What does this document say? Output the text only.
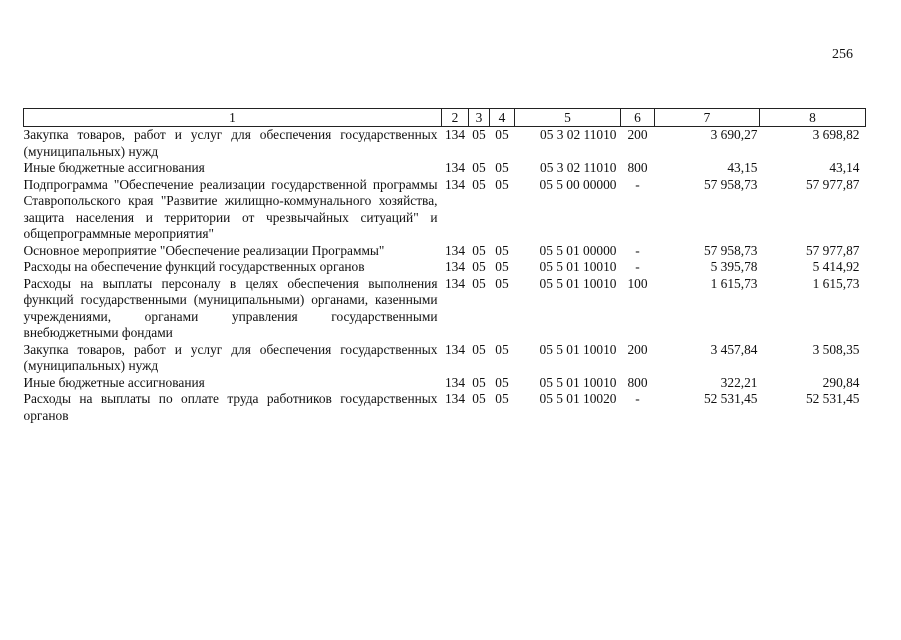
256
1	2	3	4	5	6	7	8
Закупка товаров, работ и услуг для обеспечения государственных (муниципальных) нужд	134	05	05	05 3 02 11010	200	3 690,27	3 698,82
Иные бюджетные ассигнования	134	05	05	05 3 02 11010	800	43,15	43,14
Подпрограмма "Обеспечение реализации государственной программы Ставропольского края "Развитие жилищно-коммунального хозяйства, защита населения и территории от чрезвычайных ситуаций" и общепрограммные мероприятия"	134	05	05	05 5 00 00000	-	57 958,73	57 977,87
Основное мероприятие "Обеспечение реализации Программы"	134	05	05	05 5 01 00000	-	57 958,73	57 977,87
Расходы на обеспечение функций государственных органов	134	05	05	05 5 01 10010	-	5 395,78	5 414,92
Расходы на выплаты персоналу в целях обеспечения выполнения функций государственными (муниципальными) органами, казенными учреждениями, органами управления государственными внебюджетными фондами	134	05	05	05 5 01 10010	100	1 615,73	1 615,73
Закупка товаров, работ и услуг для обеспечения государственных (муниципальных) нужд	134	05	05	05 5 01 10010	200	3 457,84	3 508,35
Иные бюджетные ассигнования	134	05	05	05 5 01 10010	800	322,21	290,84
Расходы на выплаты по оплате труда работников государственных органов	134	05	05	05 5 01 10020	-	52 531,45	52 531,45
